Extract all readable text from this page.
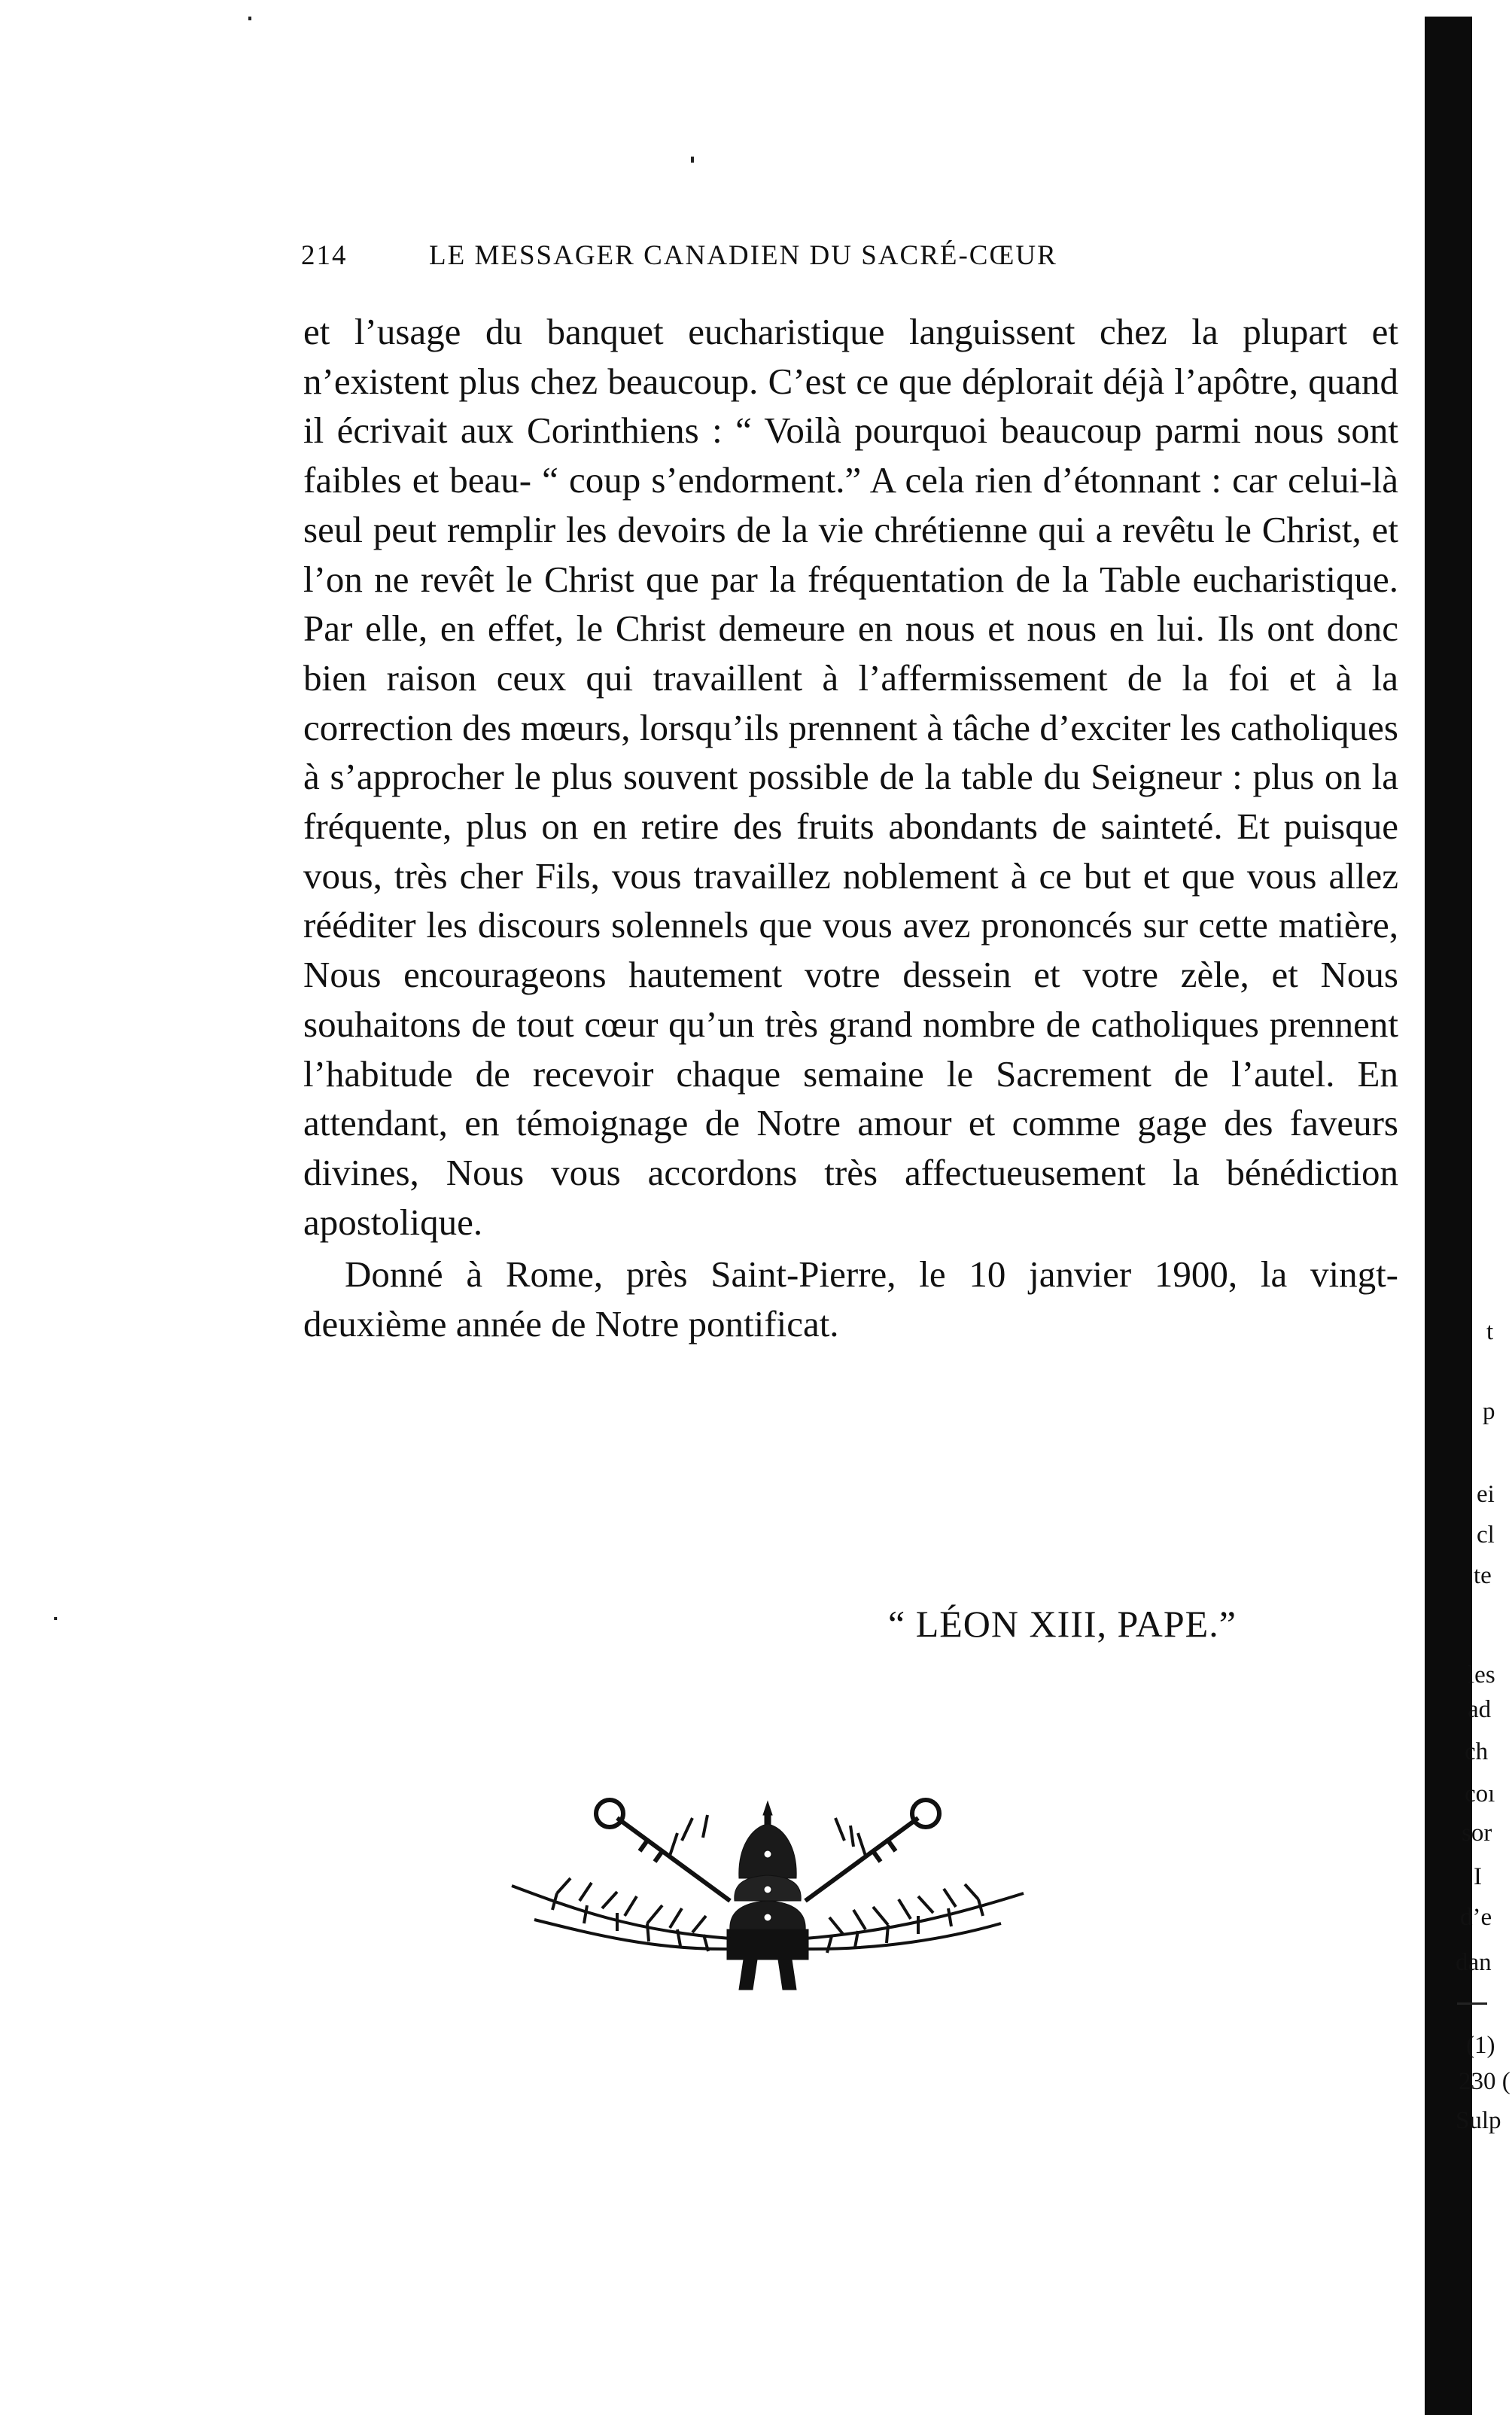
214	LE MESSAGER CANADIEN DU SACRÉ-CŒUR

et l’usage du banquet eucharistique languissent chez la plupart et n’existent plus chez beaucoup. C’est ce que déplorait déjà l’apôtre, quand il écrivait aux Corinthiens : “ Voilà pourquoi beaucoup parmi nous sont faibles et beau- “ coup s’endorment.” A cela rien d’étonnant : car celui-là seul peut remplir les devoirs de la vie chrétienne qui a revêtu le Christ, et l’on ne revêt le Christ que par la fréquentation de la Table eucharistique. Par elle, en effet, le Christ demeure en nous et nous en lui. Ils ont donc bien raison ceux qui travaillent à l’affermissement de la foi et à la correction des mœurs, lorsqu’ils prennent à tâche d’exciter les catholiques à s’approcher le plus souvent possible de la table du Seigneur : plus on la fréquente, plus on en retire des fruits abondants de sainteté. Et puisque vous, très cher Fils, vous travaillez noblement à ce but et que vous allez rééditer les discours solennels que vous avez prononcés sur cette matière, Nous encourageons hautement votre dessein et votre zèle, et Nous souhaitons de tout cœur qu’un très grand nombre de catholiques prennent l’habitude de recevoir chaque semaine le Sacrement de l’autel. En attendant, en témoignage de Notre amour et comme gage des faveurs divines, Nous vous accordons très affectueusement la bénédiction apostolique.

Donné à Rome, près Saint-Pierre, le 10 janvier 1900, la vingt-deuxième année de Notre pontificat.

“ LÉON XIII, PAPE.”
t
p
ei
cl
te
les
ad
ch
coı
sor
I
d’e
dan
(1)
230 (
Sulp
